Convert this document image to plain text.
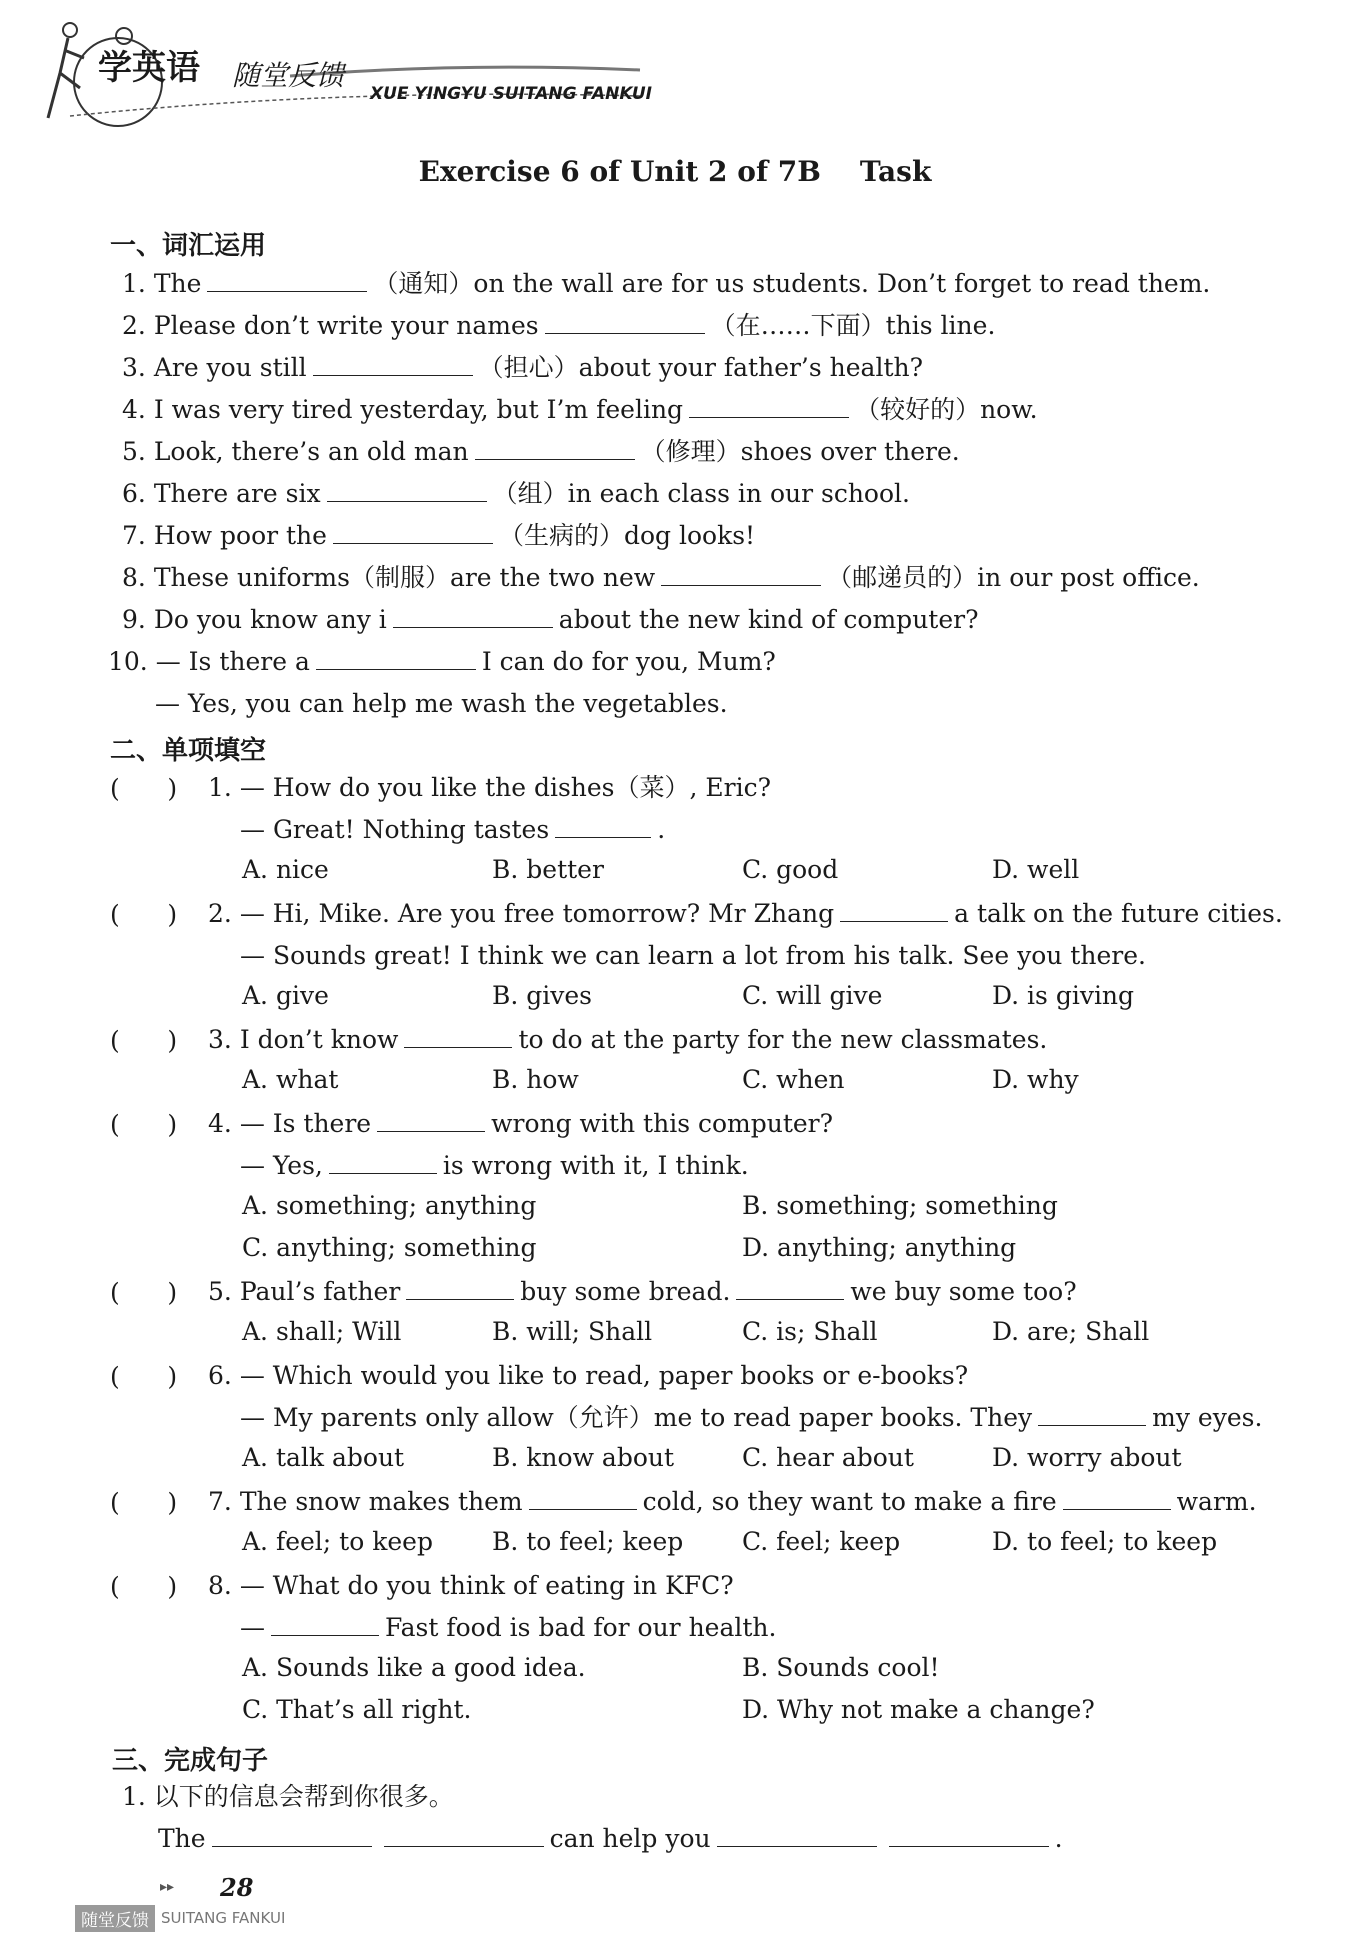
学英语 随堂反馈
XUE YINGYU SUITANG FANKUI
Exercise 6 of Unit 2 of 7B    Task
一、词汇运用
1. The	（通知）on the wall are for us students. Don’t forget to read them.
2. Please don’t write your names	（在……下面）this line.
3. Are you still	（担心）about your father’s health?
4. I was very tired yesterday, but I’m feeling	（较好的）now.
5. Look, there’s an old man	（修理）shoes over there.
6. There are six	（组）in each class in our school.
7. How poor the	（生病的）dog looks!
8. These uniforms（制服）are the two new	（邮递员的）in our post office.
9. Do you know any i	about the new kind of computer?
10. — Is there a	I can do for you, Mum?
— Yes, you can help me wash the vegetables.
二、单项填空
(      ) 1. — How do you like the dishes（菜）, Eric?
— Great! Nothing tastes	.
A. nice	B. better	C. good	D. well
(      ) 2. — Hi, Mike. Are you free tomorrow? Mr Zhang	a talk on the future cities.
— Sounds great! I think we can learn a lot from his talk. See you there.
A. give	B. gives	C. will give	D. is giving
(      ) 3. I don’t know	to do at the party for the new classmates.
A. what	B. how	C. when	D. why
(      ) 4. — Is there	wrong with this computer?
— Yes,	is wrong with it, I think.
A. something; anything	B. something; something
C. anything; something	D. anything; anything
(      ) 5. Paul’s father	buy some bread.	we buy some too?
A. shall; Will	B. will; Shall	C. is; Shall	D. are; Shall
(      ) 6. — Which would you like to read, paper books or e-books?
— My parents only allow（允许）me to read paper books. They	my eyes.
A. talk about	B. know about	C. hear about	D. worry about
(      ) 7. The snow makes them	cold, so they want to make a fire	warm.
A. feel; to keep B. to feel; keep C. feel; keep	D. to feel; to keep
(      ) 8. — What do you think of eating in KFC?
—	Fast food is bad for our health.
A. Sounds like a good idea.	B. Sounds cool!
C. That’s all right.	D. Why not make a change?
三、完成句子
1. 以下的信息会帮到你很多。
The	can help you	.
▸▸ 28
随堂反馈 SUITANG FANKUI
